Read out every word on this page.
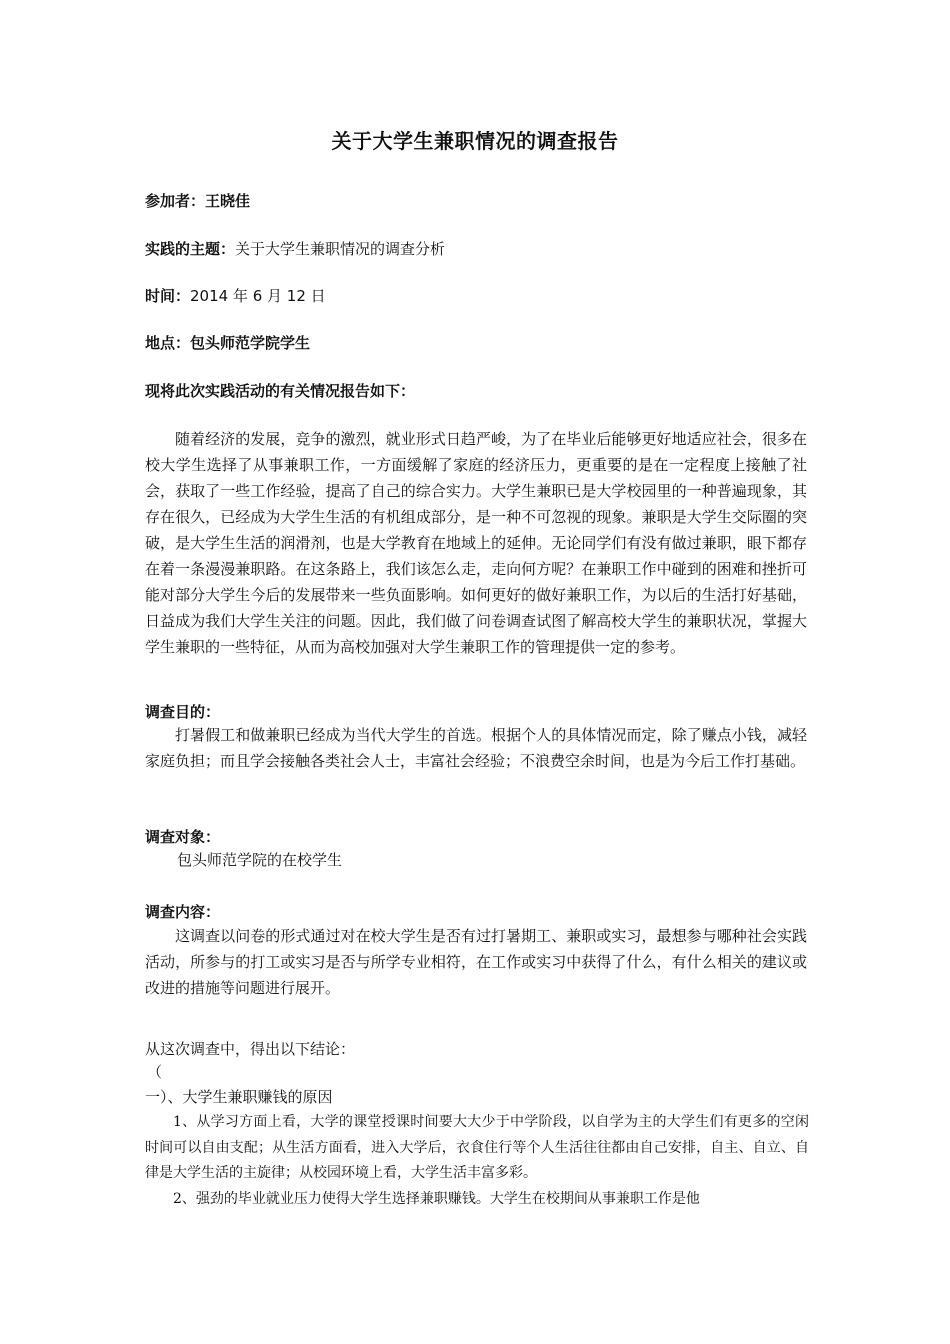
关于大学生兼职情况的调查报告
参加者：王晓佳
实践的主题：关于大学生兼职情况的调查分析
时间：2014 年 6 月 12 日
地点：包头师范学院学生
现将此次实践活动的有关情况报告如下：
随着经济的发展，竞争的激烈，就业形式日趋严峻，为了在毕业后能够更好地适应社会，很多在校大学生选择了从事兼职工作，一方面缓解了家庭的经济压力，更重要的是在一定程度上接触了社会，获取了一些工作经验，提高了自己的综合实力。大学生兼职已是大学校园里的一种普遍现象，其存在很久，已经成为大学生生活的有机组成部分，是一种不可忽视的现象。兼职是大学生交际圈的突破，是大学生生活的润滑剂，也是大学教育在地域上的延伸。无论同学们有没有做过兼职，眼下都存在着一条漫漫兼职路。在这条路上，我们该怎么走，走向何方呢？在兼职工作中碰到的困难和挫折可能对部分大学生今后的发展带来一些负面影响。如何更好的做好兼职工作，为以后的生活打好基础，日益成为我们大学生关注的问题。因此，我们做了问卷调查试图了解高校大学生的兼职状况，掌握大学生兼职的一些特征，从而为高校加强对大学生兼职工作的管理提供一定的参考。
调查目的：
打暑假工和做兼职已经成为当代大学生的首选。根据个人的具体情况而定，除了赚点小钱，减轻家庭负担；而且学会接触各类社会人士，丰富社会经验；不浪费空余时间，也是为今后工作打基础。
调查对象：
包头师范学院的在校学生
调查内容：
这调查以问卷的形式通过对在校大学生是否有过打暑期工、兼职或实习，最想参与哪种社会实践活动，所参与的打工或实习是否与所学专业相符，在工作或实习中获得了什么，有什么相关的建议或改进的措施等问题进行展开。
从这次调查中，得出以下结论：
（
一）、大学生兼职赚钱的原因
1、从学习方面上看，大学的课堂授课时间要大大少于中学阶段，以自学为主的大学生们有更多的空闲时间可以自由支配；从生活方面看，进入大学后，衣食住行等个人生活往往都由自己安排，自主、自立、自律是大学生活的主旋律；从校园环境上看，大学生活丰富多彩。
2、强劲的毕业就业压力使得大学生选择兼职赚钱。大学生在校期间从事兼职工作是他
